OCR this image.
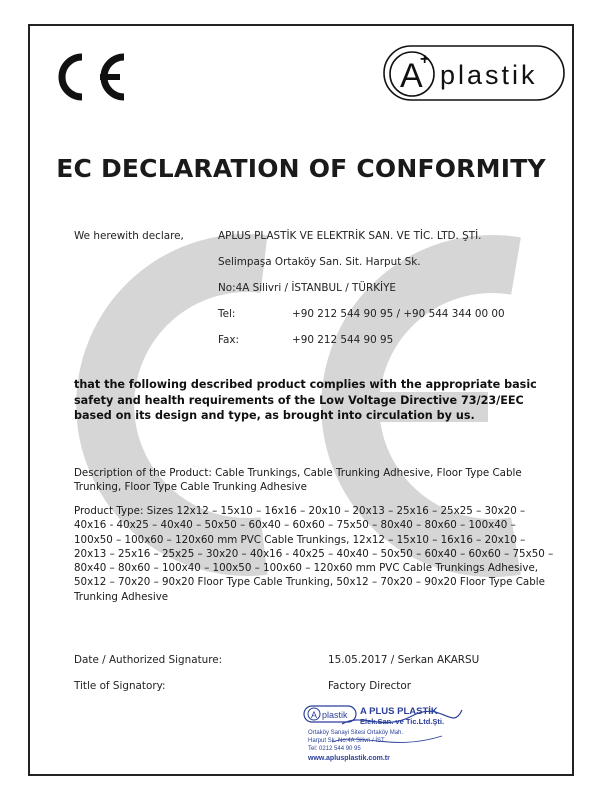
A
+
plastik
EC DECLARATION OF CONFORMITY
We herewith declare,	APLUS PLASTİK VE ELEKTRİK SAN. VE TİC. LTD. ŞTİ.
Selimpaşa Ortaköy San. Sit. Harput Sk.
No:4A Silivri / İSTANBUL / TÜRKİYE
Tel:	+90 212 544 90 95 / +90 544 344 00 00
Fax:	+90 212 544 90 95
that the following described product complies with the appropriate basic safety and health requirements of the Low Voltage Directive 73/23/EEC based on its design and type, as brought into circulation by us.
Description of the Product: Cable Trunkings, Cable Trunking Adhesive, Floor Type Cable Trunking, Floor Type Cable Trunking Adhesive
Product Type: Sizes 12x12 – 15x10 – 16x16 – 20x10 – 20x13 – 25x16 – 25x25 – 30x20 – 40x16 - 40x25 – 40x40 – 50x50 – 60x40 – 60x60 – 75x50 – 80x40 – 80x60 – 100x40 – 100x50 – 100x60 – 120x60 mm PVC Cable Trunkings, 12x12 – 15x10 – 16x16 – 20x10 – 20x13 – 25x16 – 25x25 – 30x20 – 40x16 - 40x25 – 40x40 – 50x50 – 60x40 – 60x60 – 75x50 – 80x40 – 80x60 – 100x40 – 100x50 – 100x60 – 120x60 mm PVC Cable Trunkings Adhesive, 50x12 – 70x20 – 90x20 Floor Type Cable Trunking, 50x12 – 70x20 – 90x20 Floor Type Cable Trunking Adhesive
Date / Authorized Signature:	15.05.2017 / Serkan AKARSU
Title of Signatory:	Factory Director
A plastik A PLUS PLASTİK
Elek.San. ve Tic.Ltd.Şti.
Ortaköy Sanayi Sitesi Ortaköy Mah.
Harput Sk. No:4A Silivri / İST.
Tel: 0212 544 90 95
www.aplusplastik.com.tr
